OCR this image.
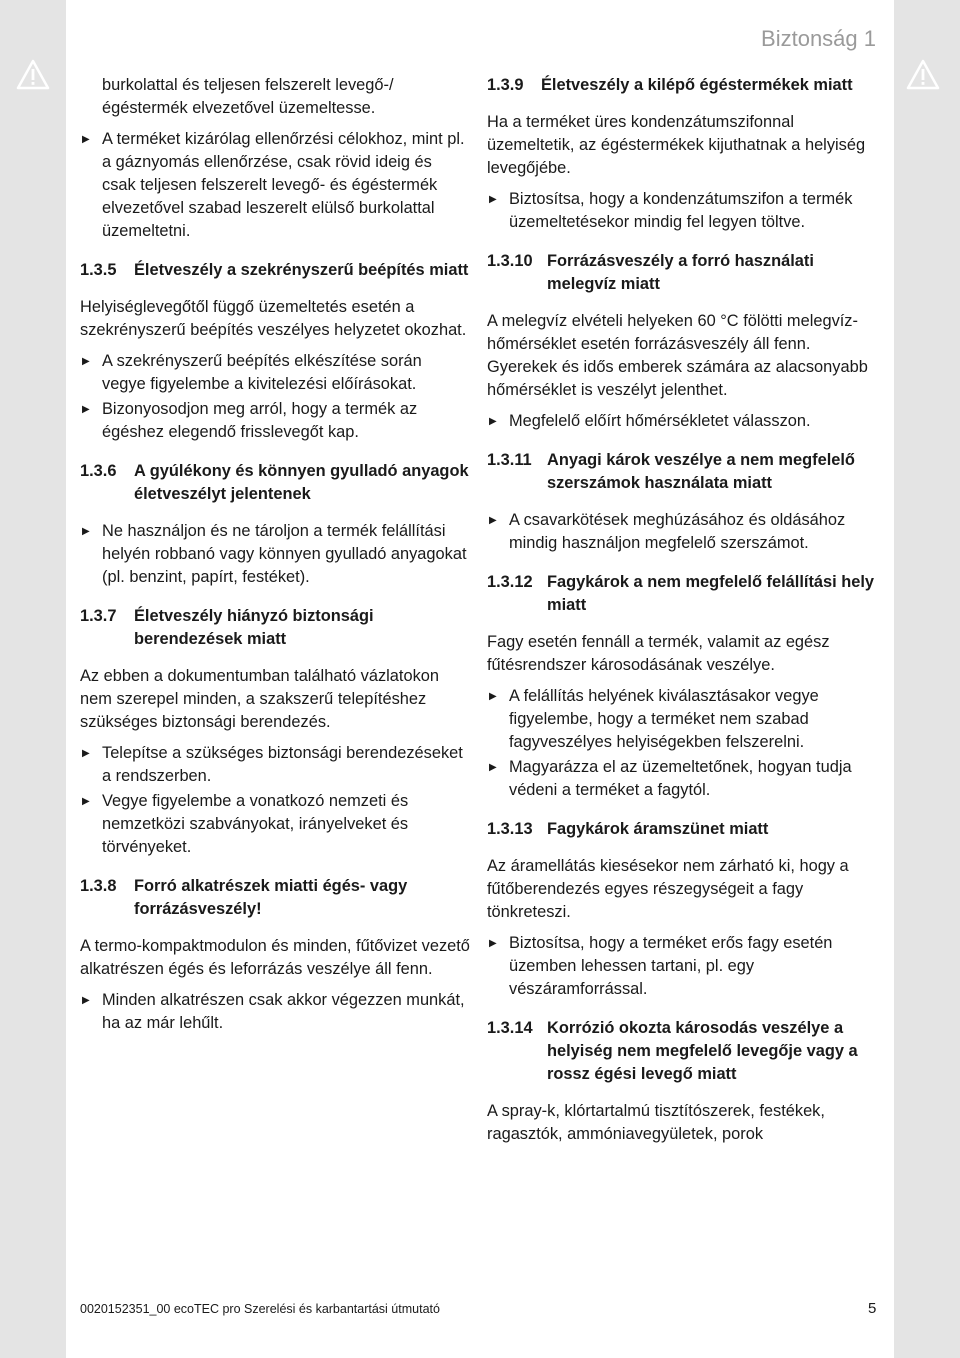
Biztonság 1

burkolattal és teljesen felszerelt levegő-/égéstermék elvezetővel üzemeltesse.

▶ A terméket kizárólag ellenőrzési célokhoz, mint pl. a gáznyomás ellenőrzése, csak rövid ideig és csak teljesen felszerelt levegő- és égéstermék elvezetővel szabad leszerelt elülső burkolattal üzemeltetni.
1.3.5 Életveszély a szekrényszerű beépítés miatt

Helyiséglevegőtől függő üzemeltetés esetén a szekrényszerű beépítés veszélyes helyzetet okozhat.

▶ A szekrényszerű beépítés elkészítése során vegye figyelembe a kivitelezési előírásokat.
▶ Bizonyosodjon meg arról, hogy a termék az égéshez elegendő frisslevegőt kap.
1.3.6 A gyúlékony és könnyen gyulladó anyagok életveszélyt jelentenek
▶ Ne használjon és ne tároljon a termék felállítási helyén robbanó vagy könnyen gyulladó anyagokat (pl. benzint, papírt, festéket).
1.3.7 Életveszély hiányzó biztonsági berendezések miatt

Az ebben a dokumentumban található vázlatokon nem szerepel minden, a szakszerű telepítéshez szükséges biztonsági berendezés.

▶ Telepítse a szükséges biztonsági berendezéseket a rendszerben.
▶ Vegye figyelembe a vonatkozó nemzeti és nemzetközi szabványokat, irányelveket és törvényeket.
1.3.8 Forró alkatrészek miatti égés- vagy forrázásveszély!

A termo-kompaktmodulon és minden, fűtővizet vezető alkatrészen égés és leforrázás veszélye áll fenn.

▶ Minden alkatrészen csak akkor végezzen munkát, ha az már lehűlt.
1.3.9 Életveszély a kilépő égéstermékek miatt

Ha a terméket üres kondenzátumszifonnal üzemeltetik, az égéstermékek kijuthatnak a helyiség levegőjébe.

▶ Biztosítsa, hogy a kondenzátumszifon a termék üzemeltetésekor mindig fel legyen töltve.
1.3.10 Forrázásveszély a forró használati melegvíz miatt

A melegvíz elvételi helyeken 60 °C fölötti melegvíz-hőmérséklet esetén forrázásveszély áll fenn. Gyerekek és idős emberek számára az alacsonyabb hőmérséklet is veszélyt jelenthet.

▶ Megfelelő előírt hőmérsékletet válasszon.
1.3.11 Anyagi károk veszélye a nem megfelelő szerszámok használata miatt
▶ A csavarkötések meghúzásához és oldásához mindig használjon megfelelő szerszámot.
1.3.12 Fagykárok a nem megfelelő felállítási hely miatt

Fagy esetén fennáll a termék, valamit az egész fűtésrendszer károsodásának veszélye.

▶ A felállítás helyének kiválasztásakor vegye figyelembe, hogy a terméket nem szabad fagyveszélyes helyiségekben felszerelni.
▶ Magyarázza el az üzemeltetőnek, hogyan tudja védeni a terméket a fagytól.
1.3.13 Fagykárok áramszünet miatt

Az áramellátás kiesésekor nem zárható ki, hogy a fűtőberendezés egyes részegységeit a fagy tönkreteszi.

▶ Biztosítsa, hogy a terméket erős fagy esetén üzemben lehessen tartani, pl. egy vészáramforrással.
1.3.14 Korrózió okozta károsodás veszélye a helyiség nem megfelelő levegője vagy a rossz égési levegő miatt

A spray-k, klórtartalmú tisztítószerek, festékek, ragasztók, ammóniavegyületek, porok

0020152351_00 ecoTEC pro Szerelési és karbantartási útmutató	5
